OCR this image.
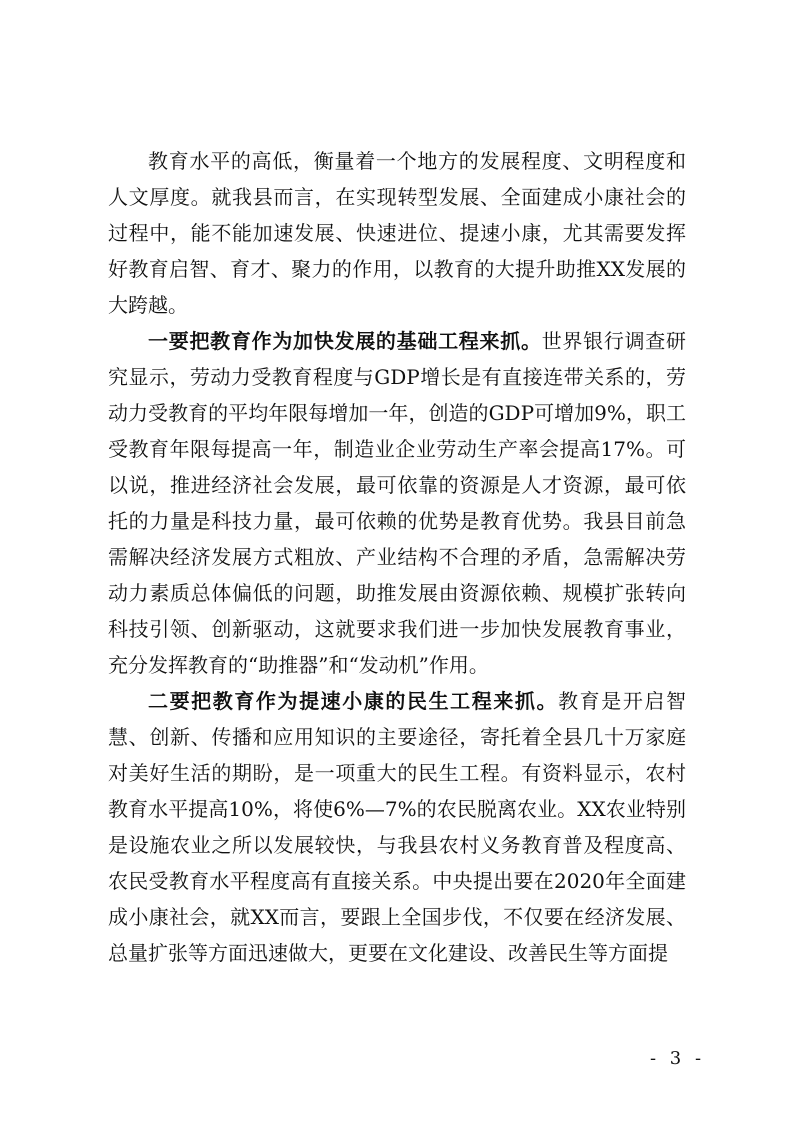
教育水平的高低，衡量着一个地方的发展程度、文明程度和人文厚度。就我县而言，在实现转型发展、全面建成小康社会的过程中，能不能加速发展、快速进位、提速小康，尤其需要发挥好教育启智、育才、聚力的作用，以教育的大提升助推XX发展的大跨越。

一要把教育作为加快发展的基础工程来抓。世界银行调查研究显示，劳动力受教育程度与GDP增长是有直接连带关系的，劳动力受教育的平均年限每增加一年，创造的GDP可增加9%，职工受教育年限每提高一年，制造业企业劳动生产率会提高17%。可以说，推进经济社会发展，最可依靠的资源是人才资源，最可依托的力量是科技力量，最可依赖的优势是教育优势。我县目前急需解决经济发展方式粗放、产业结构不合理的矛盾，急需解决劳动力素质总体偏低的问题，助推发展由资源依赖、规模扩张转向科技引领、创新驱动，这就要求我们进一步加快发展教育事业，充分发挥教育的“助推器”和“发动机”作用。

二要把教育作为提速小康的民生工程来抓。教育是开启智慧、创新、传播和应用知识的主要途径，寄托着全县几十万家庭对美好生活的期盼，是一项重大的民生工程。有资料显示，农村教育水平提高10%，将使6%—7%的农民脱离农业。XX农业特别是设施农业之所以发展较快，与我县农村义务教育普及程度高、农民受教育水平程度高有直接关系。中央提出要在2020年全面建成小康社会，就XX而言，要跟上全国步伐，不仅要在经济发展、总量扩张等方面迅速做大，更要在文化建设、改善民生等方面提

- 3 -
